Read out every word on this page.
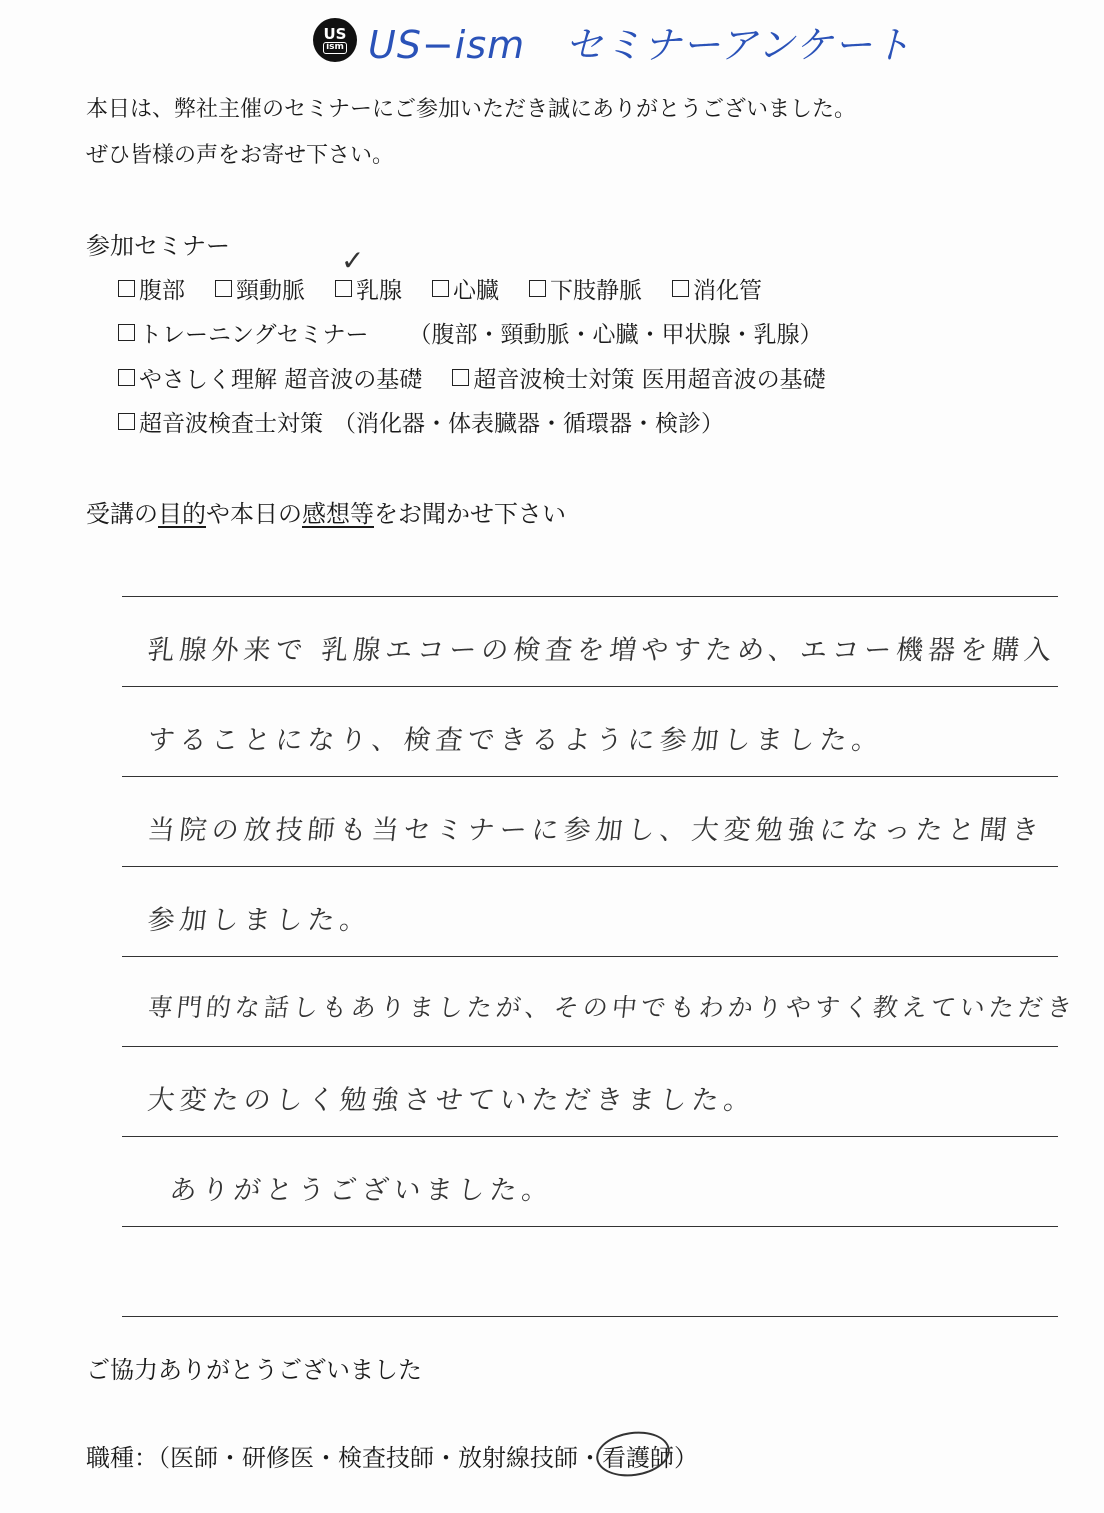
US
ism US−ism セミナーアンケート
本日は、弊社主催のセミナーにご参加いただき誠にありがとうございました。
ぜひ皆様の声をお寄せ下さい。
参加セミナー
腹部 頸動脈
✓
乳腺 心臓 下肢静脈 消化管
トレーニングセミナー （腹部・頸動脈・心臓・甲状腺・乳腺）
やさしく理解 超音波の基礎 超音波検士対策 医用超音波の基礎
超音波検査士対策 （消化器・体表臓器・循環器・検診）
受講の目的や本日の感想等をお聞かせ下さい
乳腺外来で 乳腺エコーの検査を増やすため、エコー機器を購入
することになり、検査できるように参加しました。
当院の放技師も当セミナーに参加し、大変勉強になったと聞き
参加しました。
専門的な話しもありましたが、その中でもわかりやすく教えていただき
大変たのしく勉強させていただきました。
ありがとうございました。
ご協力ありがとうございました
職種：（医師・研修医・検査技師・放射線技師・
看護師）
